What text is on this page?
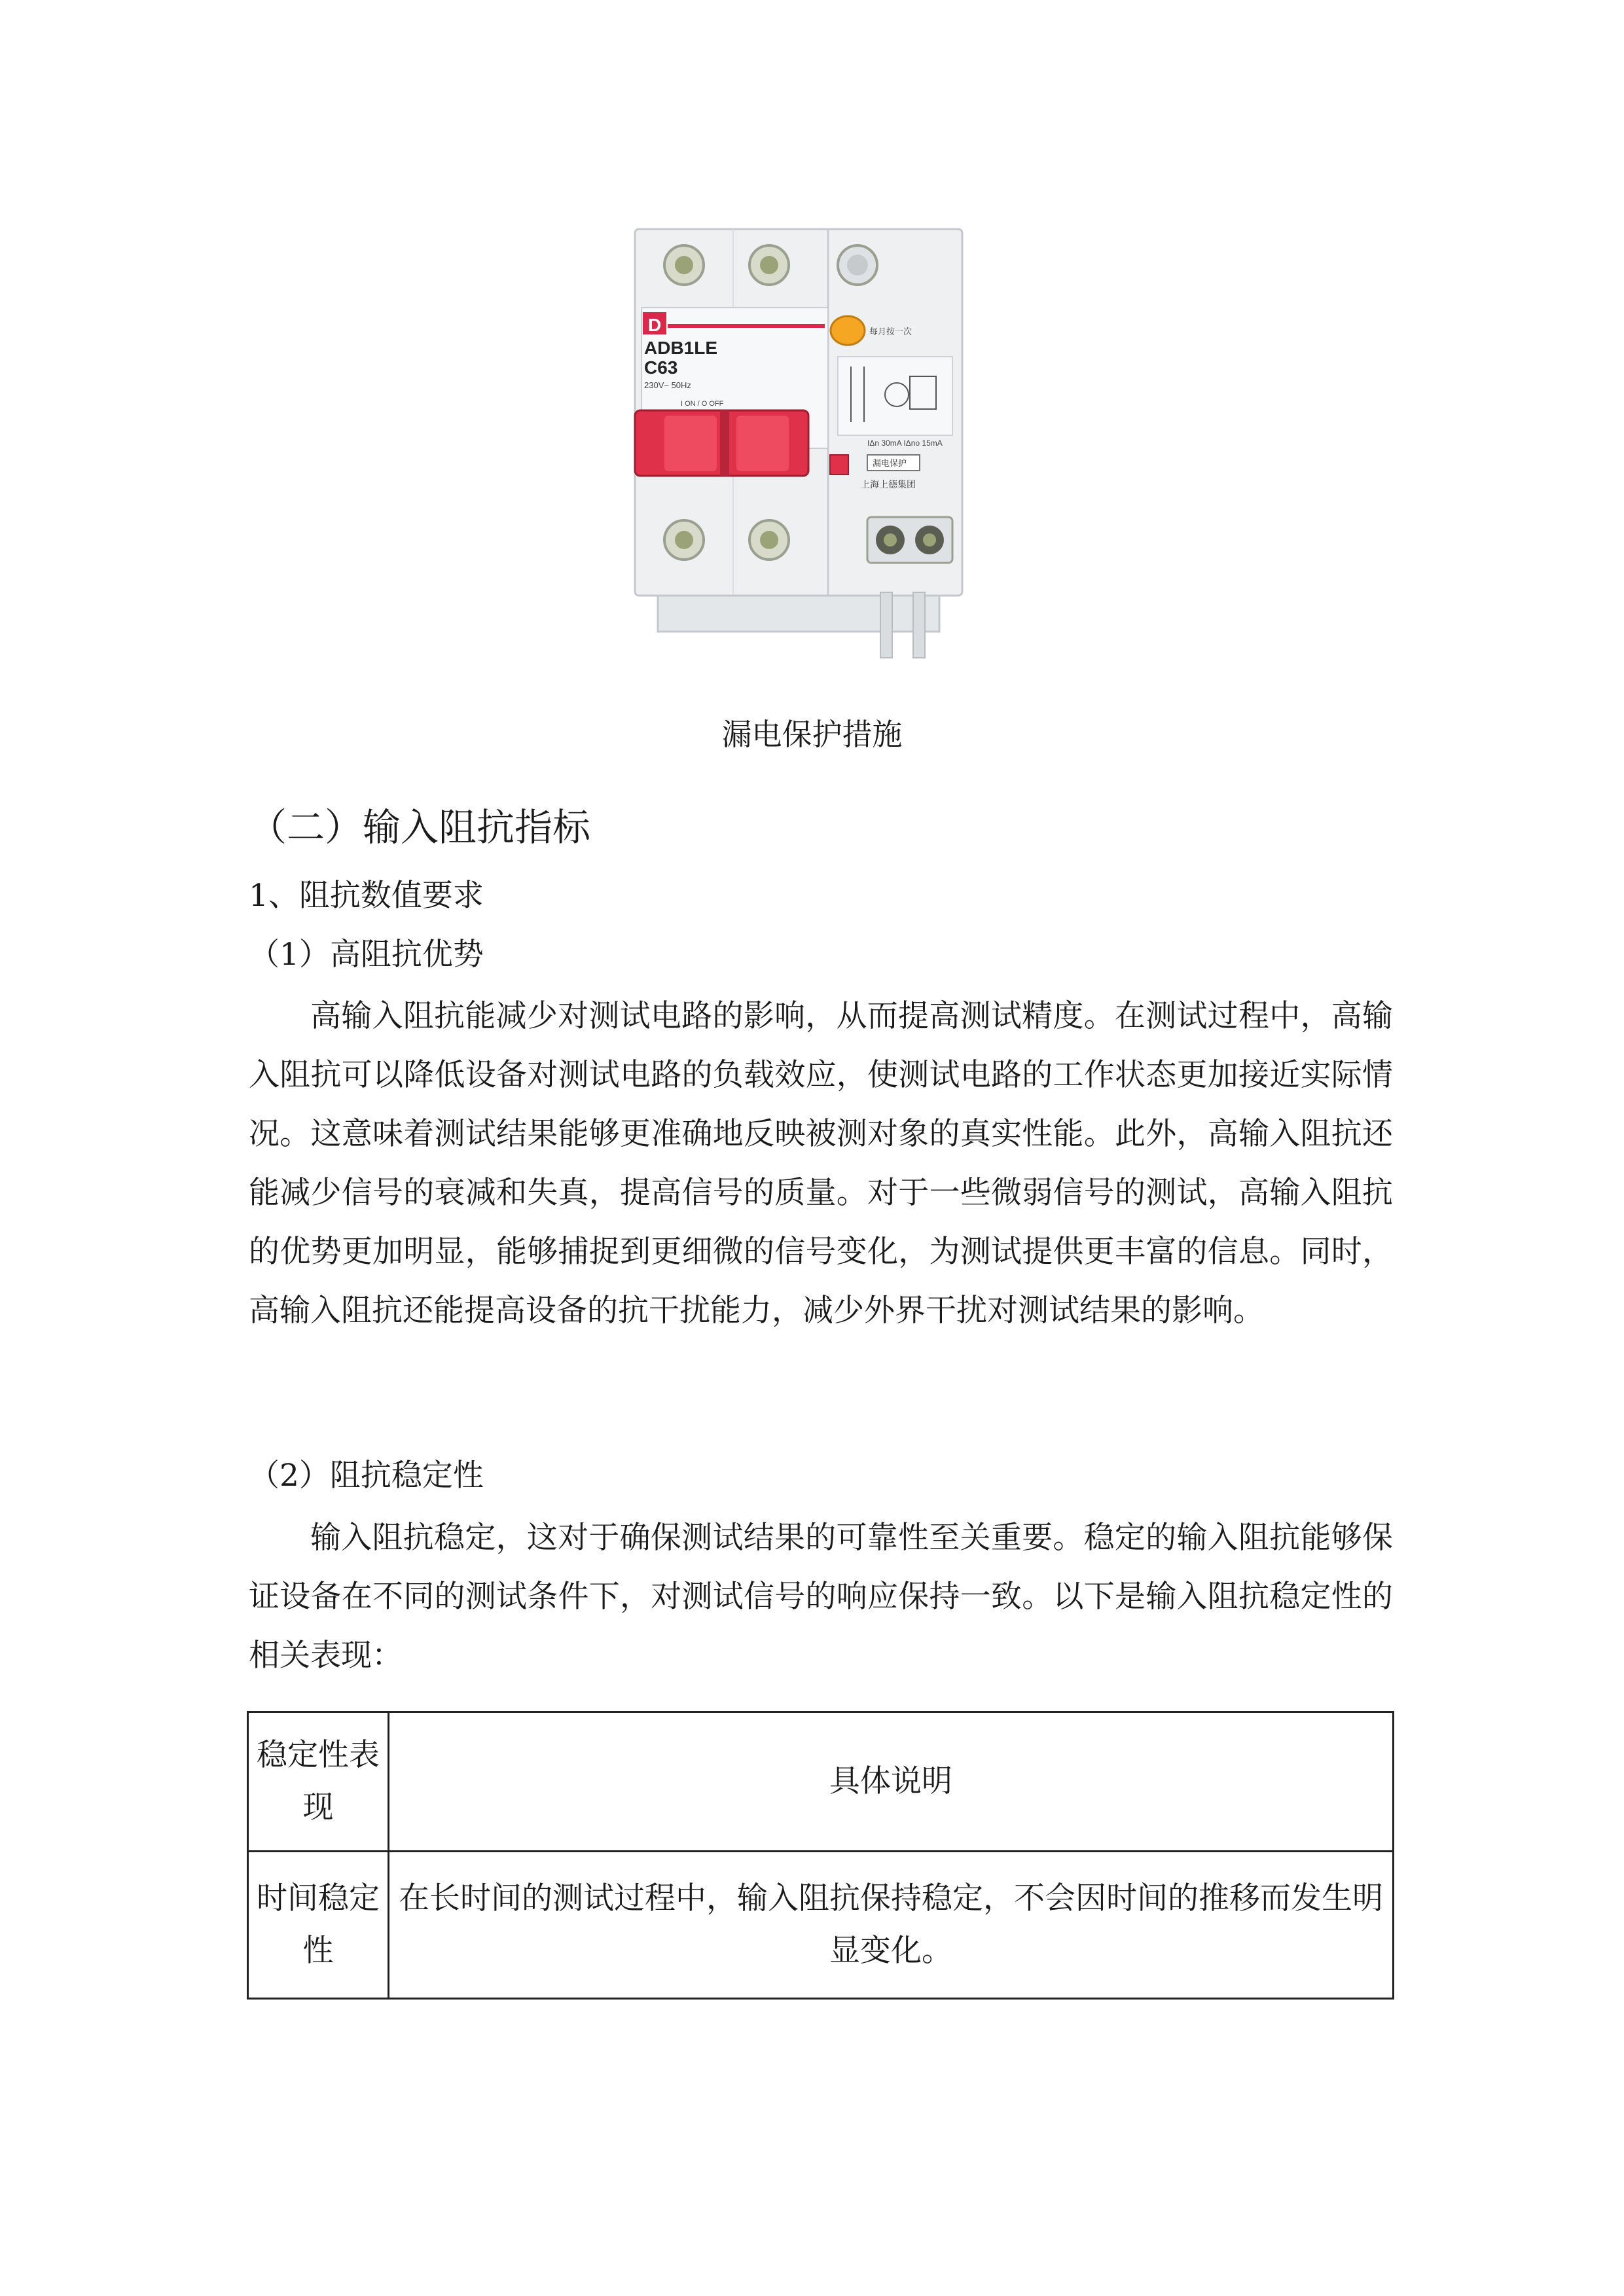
D
ADB1LE
C63
230V~ 50Hz
I ON / O OFF
每月按一次
IΔn 30mA IΔno 15mA
漏电保护
上海上德集团
漏电保护措施
（二）输入阻抗指标
1、阻抗数值要求
（1）高阻抗优势

高输入阻抗能减少对测试电路的影响，从而提高测试精度。在测试过程中，高输入阻抗可以降低设备对测试电路的负载效应，使测试电路的工作状态更加接近实际情况。这意味着测试结果能够更准确地反映被测对象的真实性能。此外，高输入阻抗还能减少信号的衰减和失真，提高信号的质量。对于一些微弱信号的测试，高输入阻抗的优势更加明显，能够捕捉到更细微的信号变化，为测试提供更丰富的信息。同时，高输入阻抗还能提高设备的抗干扰能力，减少外界干扰对测试结果的影响。

（2）阻抗稳定性

输入阻抗稳定，这对于确保测试结果的可靠性至关重要。稳定的输入阻抗能够保证设备在不同的测试条件下，对测试信号的响应保持一致。以下是输入阻抗稳定性的相关表现：

稳定性表现	具体说明
时间稳定性	在长时间的测试过程中，输入阻抗保持稳定，不会因时间的推移而发生明显变化。
